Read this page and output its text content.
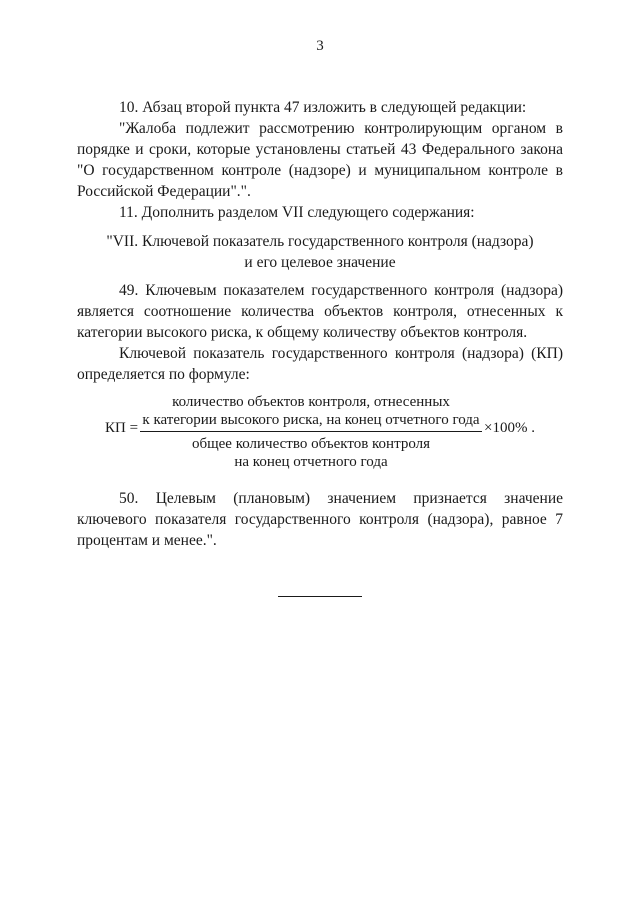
3

10. Абзац второй пункта 47 изложить в следующей редакции:

"Жалоба подлежит рассмотрению контролирующим органом в порядке и сроки, которые установлены статьей 43 Федерального закона "О государственном контроле (надзоре) и муниципальном контроле в Российской Федерации".".

11. Дополнить разделом VII следующего содержания:

"VII. Ключевой показатель государственного контроля (надзора)
и его целевое значение

49. Ключевым показателем государственного контроля (надзора) является соотношение количества объектов контроля, отнесенных к категории высокого риска, к общему количеству объектов контроля.

Ключевой показатель государственного контроля (надзора) (КП) определяется по формуле:

КП =
количество объектов контроля, отнесенных
к категории высокого риска, на конец отчетного года
общее количество объектов контроля
на конец отчетного года
×100% .

50. Целевым (плановым) значением признается значение ключевого показателя государственного контроля (надзора), равное 7 процентам и менее.".
